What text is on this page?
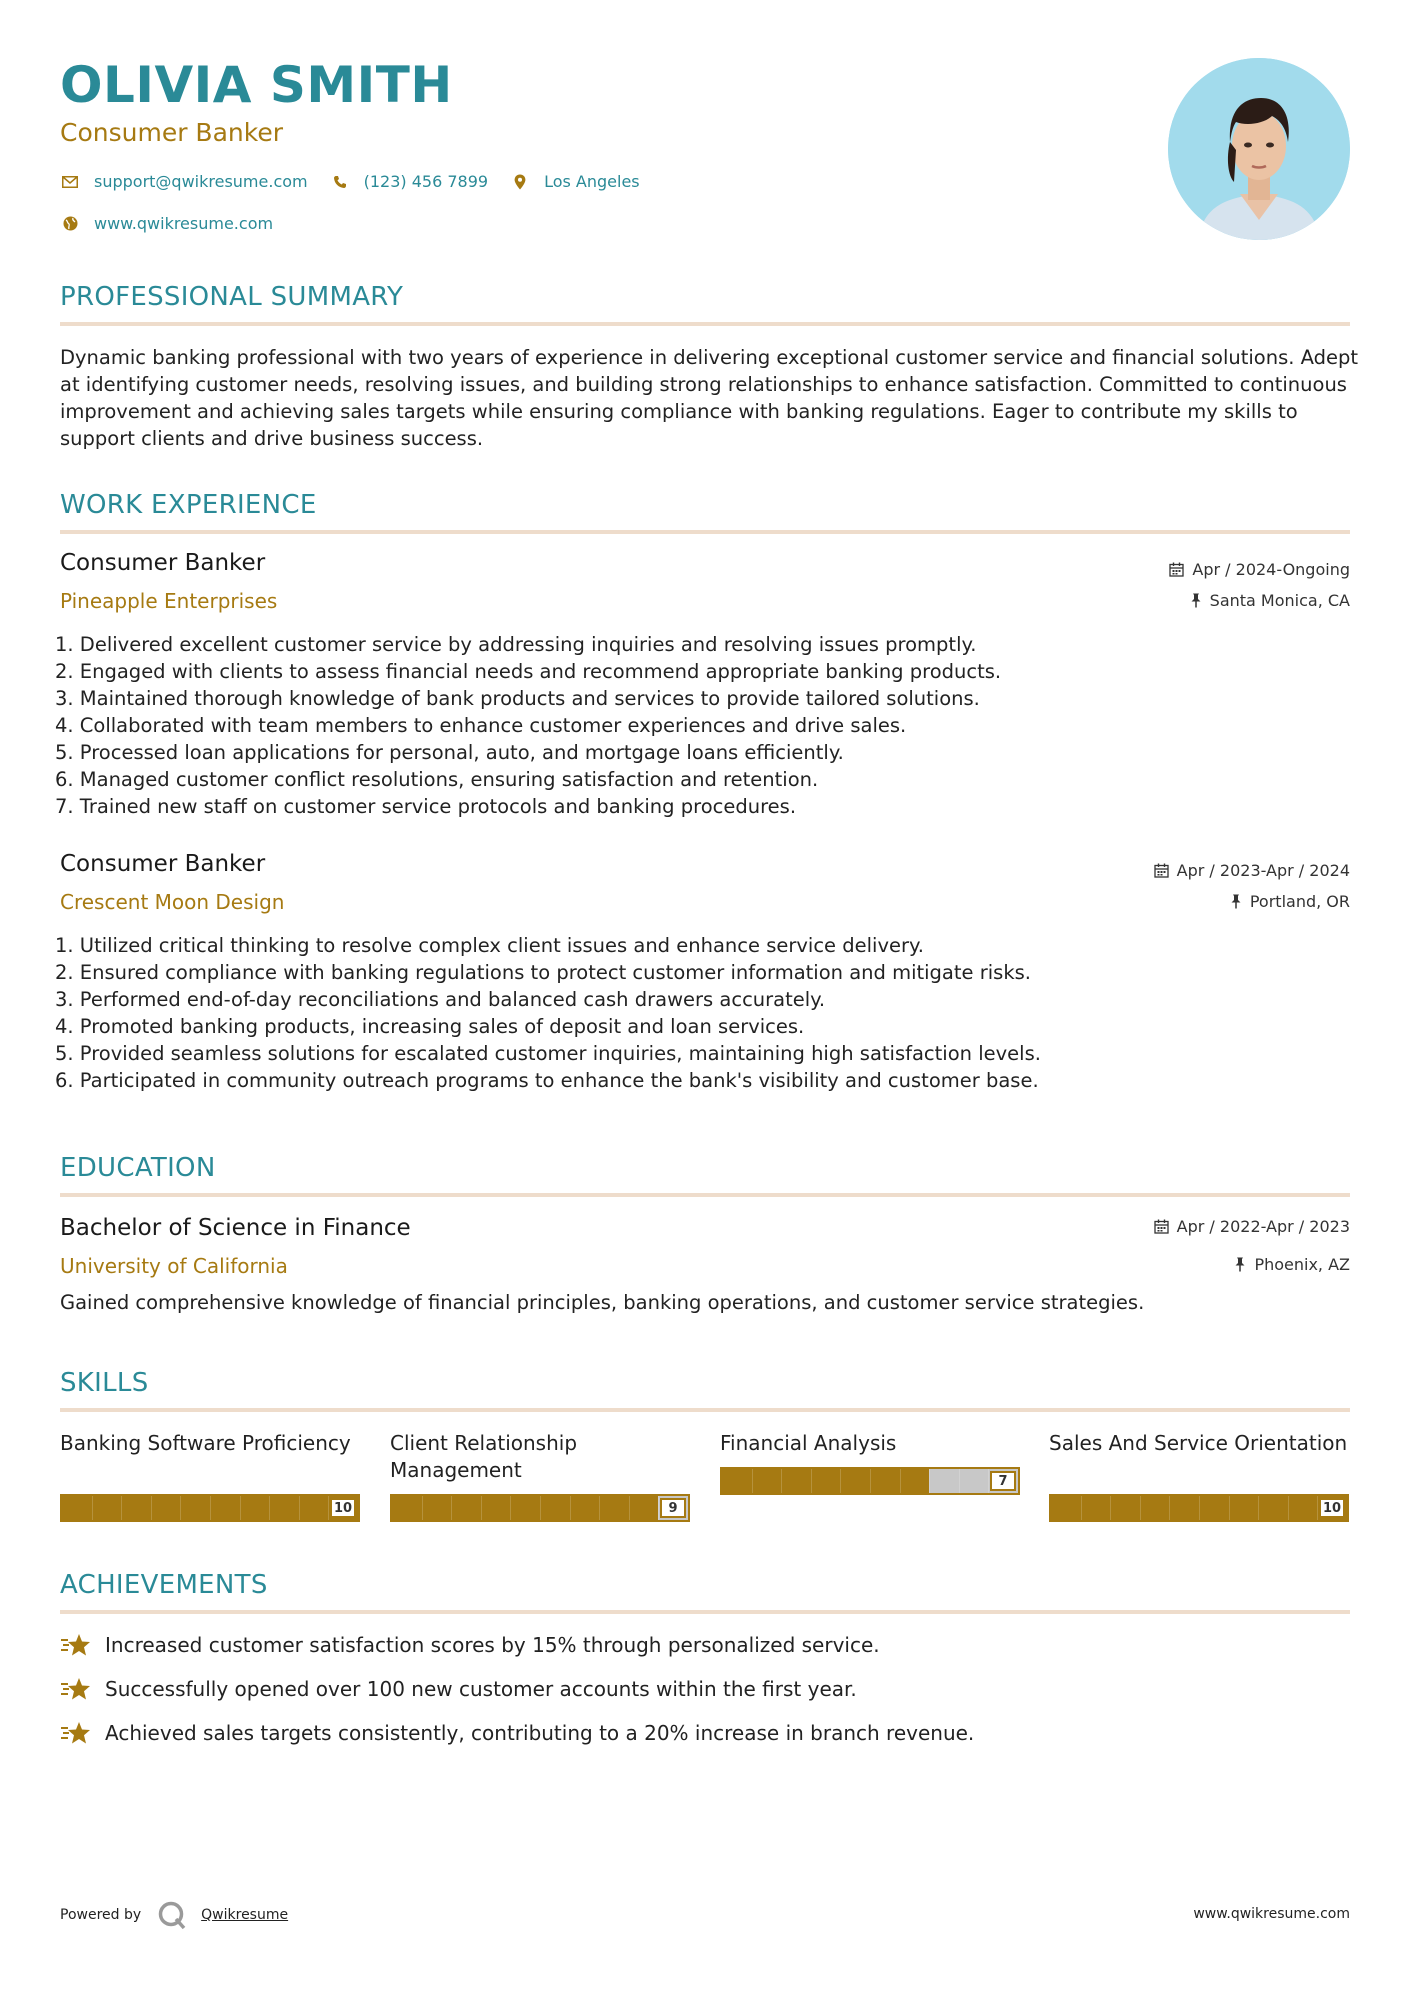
OLIVIA SMITH
Consumer Banker
support@qwikresume.com	(123) 456 7899	Los Angeles
www.qwikresume.com
PROFESSIONAL SUMMARY
Dynamic banking professional with two years of experience in delivering exceptional customer service and financial solutions. Adept at identifying customer needs, resolving issues, and building strong relationships to enhance satisfaction. Committed to continuous improvement and achieving sales targets while ensuring compliance with banking regulations. Eager to contribute my skills to support clients and drive business success.
WORK EXPERIENCE
Consumer Banker
Pineapple Enterprises
Apr / 2024-Ongoing
Santa Monica, CA
1. Delivered excellent customer service by addressing inquiries and resolving issues promptly.
2. Engaged with clients to assess financial needs and recommend appropriate banking products.
3. Maintained thorough knowledge of bank products and services to provide tailored solutions.
4. Collaborated with team members to enhance customer experiences and drive sales.
5. Processed loan applications for personal, auto, and mortgage loans efficiently.
6. Managed customer conflict resolutions, ensuring satisfaction and retention.
7. Trained new staff on customer service protocols and banking procedures.
Consumer Banker
Crescent Moon Design
Apr / 2023-Apr / 2024
Portland, OR
1. Utilized critical thinking to resolve complex client issues and enhance service delivery.
2. Ensured compliance with banking regulations to protect customer information and mitigate risks.
3. Performed end-of-day reconciliations and balanced cash drawers accurately.
4. Promoted banking products, increasing sales of deposit and loan services.
5. Provided seamless solutions for escalated customer inquiries, maintaining high satisfaction levels.
6. Participated in community outreach programs to enhance the bank's visibility and customer base.
EDUCATION
Bachelor of Science in Finance
University of California
Apr / 2022-Apr / 2023
Phoenix, AZ
Gained comprehensive knowledge of financial principles, banking operations, and customer service strategies.
SKILLS
Banking Software Proficiency
10
Client Relationship Management
9
Financial Analysis
7
Sales And Service Orientation
10
ACHIEVEMENTS
Increased customer satisfaction scores by 15% through personalized service.
Successfully opened over 100 new customer accounts within the first year.
Achieved sales targets consistently, contributing to a 20% increase in branch revenue.
Powered by	Qwikresume	www.qwikresume.com
